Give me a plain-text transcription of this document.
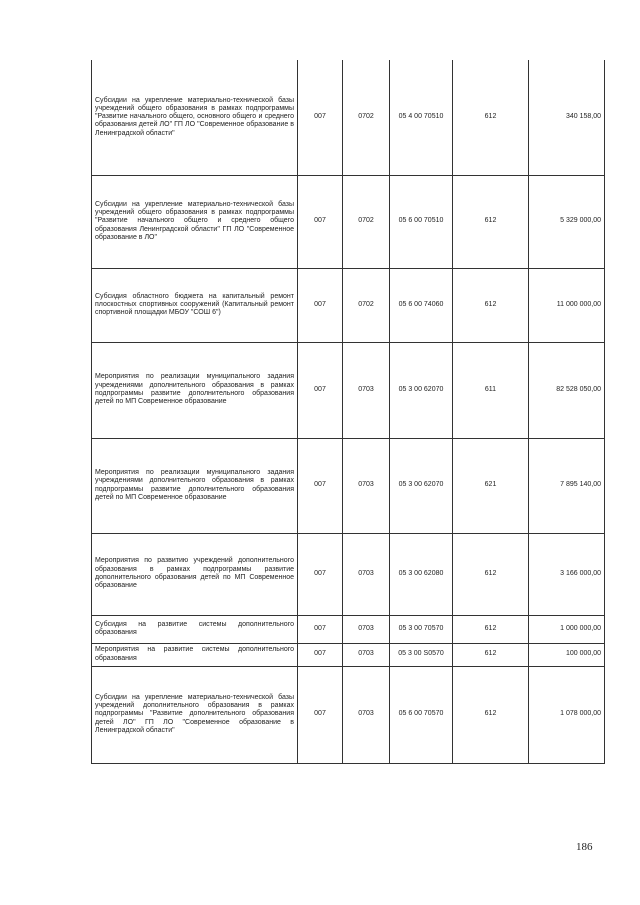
Субсидии на укрепление материально-технической базы учреждений общего образования в рамках подпрограммы "Развитие начального общего, основного общего и среднего образования детей ЛО" ГП ЛО "Современное образование в Ленинградской области"	007	0702	05 4 00 70510	612	340 158,00
Субсидии на укрепление материально-технической базы учреждений общего образования в рамках подпрограммы "Развитие начального общего и среднего общего образования Ленинградской области" ГП ЛО "Современное образование в ЛО"	007	0702	05 6 00 70510	612	5 329 000,00
Субсидия областного бюджета на капитальный ремонт плоскостных спортивных сооружений (Капитальный ремонт спортивной площадки МБОУ "СОШ 6")	007	0702	05 6 00 74060	612	11 000 000,00
Мероприятия по реализации муниципального задания учреждениями дополнительного образования в рамках подпрограммы развитие дополнительного образования детей по МП Современное образование	007	0703	05 3 00 62070	611	82 528 050,00
Мероприятия по реализации муниципального задания учреждениями дополнительного образования в рамках подпрограммы развитие дополнительного образования детей по МП Современное образование	007	0703	05 3 00 62070	621	7 895 140,00
Мероприятия по развитию учреждений дополнительного образования в рамках подпрограммы развитие дополнительного образования детей по МП Современное образование	007	0703	05 3 00 62080	612	3 166 000,00
Субсидия на развитие системы дополнительного образования	007	0703	05 3 00 70570	612	1 000 000,00
Мероприятия на развитие системы дополнительного образования	007	0703	05 3 00 S0570	612	100 000,00
Субсидии на укрепление материально-технической базы учреждений дополнительного образования в рамках подпрограммы "Развитие дополнительного образования детей ЛО" ГП ЛО "Современное образование в Ленинградской области"	007	0703	05 6 00 70570	612	1 078 000,00
186
